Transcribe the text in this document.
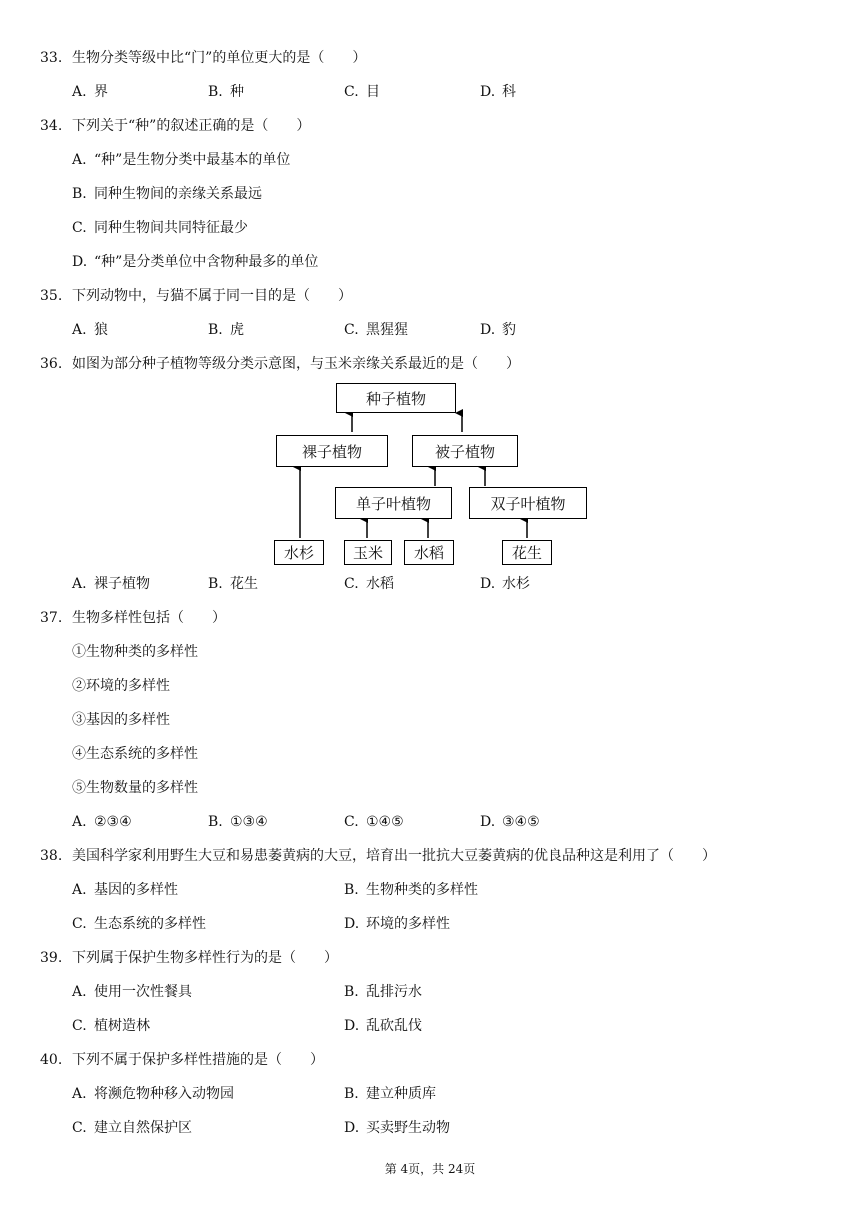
33. 生物分类等级中比“门”的单位更大的是（　　）
A. 界	B. 种	C. 目	D. 科
34. 下列关于“种”的叙述正确的是（　　）
A. “种”是生物分类中最基本的单位
B. 同种生物间的亲缘关系最远
C. 同种生物间共同特征最少
D. “种”是分类单位中含物种最多的单位
35. 下列动物中，与猫不属于同一目的是（　　）
A. 狼	B. 虎	C. 黑猩猩	D. 豹
36. 如图为部分种子植物等级分类示意图，与玉米亲缘关系最近的是（　　）
种子植物
裸子植物	被子植物
单子叶植物	双子叶植物
水杉	玉米	水稻	花生
A. 裸子植物	B. 花生	C. 水稻	D. 水杉
37. 生物多样性包括（　　）
①生物种类的多样性
②环境的多样性
③基因的多样性
④生态系统的多样性
⑤生物数量的多样性
A. ②③④	B. ①③④	C. ①④⑤	D. ③④⑤
38. 美国科学家利用野生大豆和易患萎黄病的大豆，培育出一批抗大豆萎黄病的优良品种这是利用了（　　）
A. 基因的多样性	B. 生物种类的多样性
C. 生态系统的多样性	D. 环境的多样性
39. 下列属于保护生物多样性行为的是（　　）
A. 使用一次性餐具	B. 乱排污水
C. 植树造林	D. 乱砍乱伐
40. 下列不属于保护多样性措施的是（　　）
A. 将濒危物种移入动物园	B. 建立种质库
C. 建立自然保护区	D. 买卖野生动物
第 4页，共 24页
